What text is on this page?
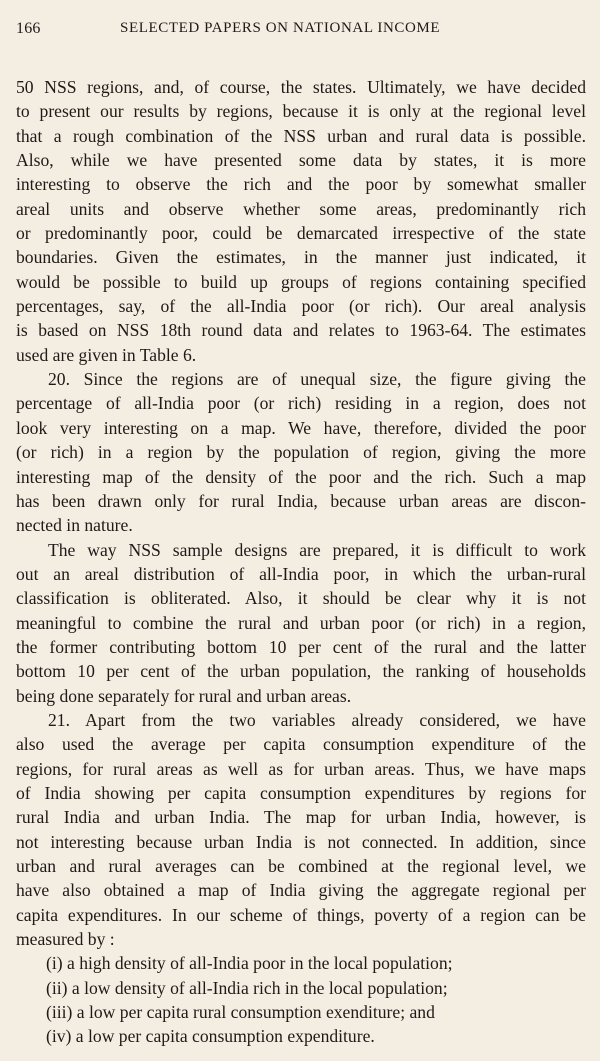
166	SELECTED PAPERS ON NATIONAL INCOME
50 NSS regions, and, of course, the states. Ultimately, we have decided
to present our results by regions, because it is only at the regional level
that a rough combination of the NSS urban and rural data is possible.
Also, while we have presented some data by states, it is more
interesting to observe the rich and the poor by somewhat smaller
areal units and observe whether some areas, predominantly rich
or predominantly poor, could be demarcated irrespective of the state
boundaries. Given the estimates, in the manner just indicated, it
would be possible to build up groups of regions containing specified
percentages, say, of the all-India poor (or rich). Our areal analysis
is based on NSS 18th round data and relates to 1963-64. The estimates
used are given in Table 6.
20. Since the regions are of unequal size, the figure giving the
percentage of all-India poor (or rich) residing in a region, does not
look very interesting on a map. We have, therefore, divided the poor
(or rich) in a region by the population of region, giving the more
interesting map of the density of the poor and the rich. Such a map
has been drawn only for rural India, because urban areas are discon-
nected in nature.
The way NSS sample designs are prepared, it is difficult to work
out an areal distribution of all-India poor, in which the urban-rural
classification is obliterated. Also, it should be clear why it is not
meaningful to combine the rural and urban poor (or rich) in a region,
the former contributing bottom 10 per cent of the rural and the latter
bottom 10 per cent of the urban population, the ranking of households
being done separately for rural and urban areas.
21. Apart from the two variables already considered, we have
also used the average per capita consumption expenditure of the
regions, for rural areas as well as for urban areas. Thus, we have maps
of India showing per capita consumption expenditures by regions for
rural India and urban India. The map for urban India, however, is
not interesting because urban India is not connected. In addition, since
urban and rural averages can be combined at the regional level, we
have also obtained a map of India giving the aggregate regional per
capita expenditures. In our scheme of things, poverty of a region can be
measured by :
(i) a high density of all-India poor in the local population;
(ii) a low density of all-India rich in the local population;
(iii) a low per capita rural consumption exenditure; and
(iv) a low per capita consumption expenditure.
